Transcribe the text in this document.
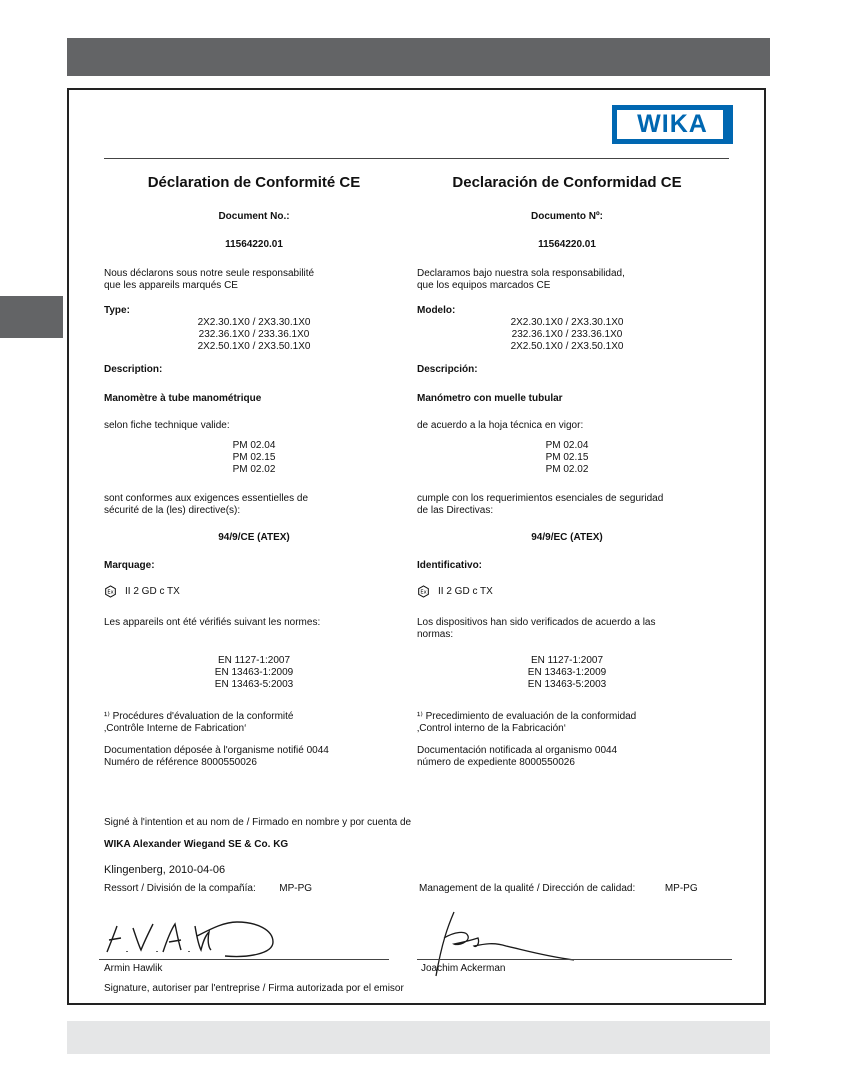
WIKA
Déclaration de Conformité CE
Document No.:
11564220.01
Nous déclarons sous notre seule responsabilité
que les appareils marqués CE
Type:
2X2.30.1X0 / 2X3.30.1X0
232.36.1X0 / 233.36.1X0
2X2.50.1X0 / 2X3.50.1X0
Description:
Manomètre à tube manométrique
selon fiche technique valide:
PM 02.04
PM 02.15
PM 02.02
sont conformes aux exigences essentielles de
sécurité de la (les) directive(s):
94/9/CE (ATEX)
Marquage:
Ex II 2 GD c TX
Les appareils ont été vérifiés suivant les normes:
EN 1127-1:2007
EN 13463-1:2009
EN 13463-5:2003
¹⁾ Procédures d'évaluation de la conformité
‚Contrôle Interne de Fabrication‘
Documentation déposée à l'organisme notifié 0044
Numéro de référence 8000550026
Declaración de Conformidad CE
Documento Nº:
11564220.01
Declaramos bajo nuestra sola responsabilidad,
que los equipos marcados CE
Modelo:
2X2.30.1X0 / 2X3.30.1X0
232.36.1X0 / 233.36.1X0
2X2.50.1X0 / 2X3.50.1X0
Descripción:
Manómetro con muelle tubular
de acuerdo a la hoja técnica en vigor:
PM 02.04
PM 02.15
PM 02.02
cumple con los requerimientos esenciales de seguridad
de las Directivas:
94/9/EC (ATEX)
Identificativo:
Ex II 2 GD c TX
Los dispositivos han sido verificados de acuerdo a las
normas:
EN 1127-1:2007
EN 13463-1:2009
EN 13463-5:2003
¹⁾ Precedimiento de evaluación de la conformidad
‚Control interno de la Fabricación‘
Documentación notificada al organismo 0044
número de expediente 8000550026
Signé à l'intention et au nom de / Firmado en nombre y por cuenta de
WIKA Alexander Wiegand SE & Co. KG
Klingenberg, 2010-04-06
Ressort / División de la compañía: MP-PG	Management de la qualité / Dirección de calidad:	MP-PG
Armin Hawlik	Joachim Ackerman
Signature, autoriser par l'entreprise / Firma autorizada por el emisor
